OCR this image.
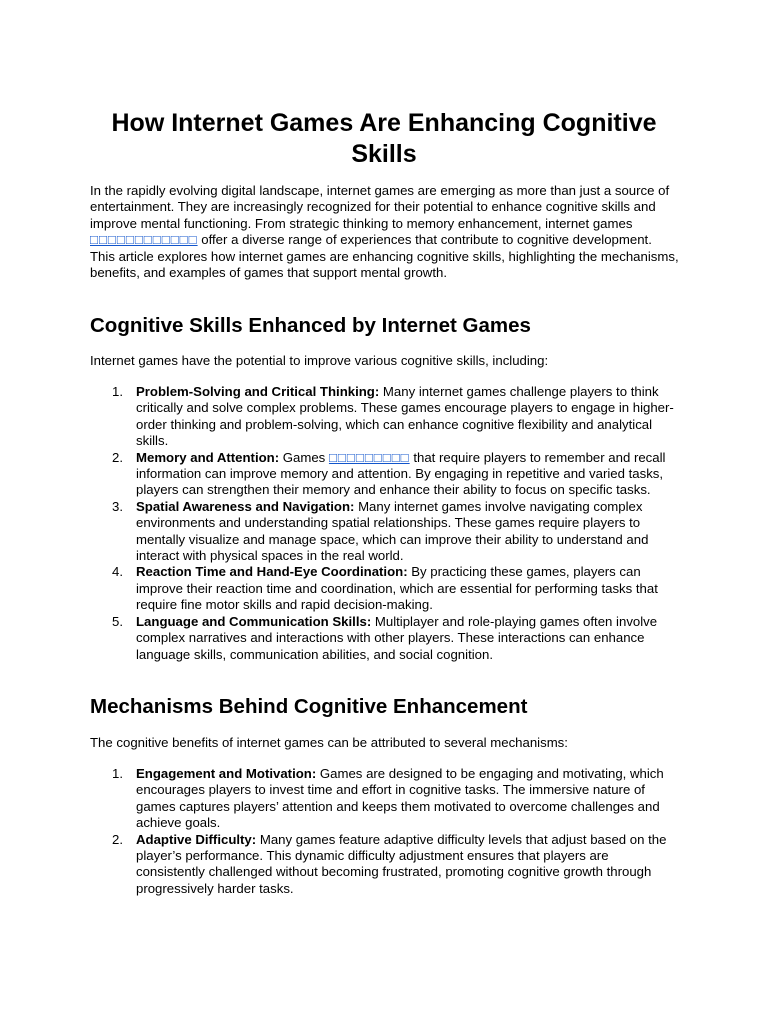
How Internet Games Are Enhancing Cognitive Skills

In the rapidly evolving digital landscape, internet games are emerging as more than just a source of entertainment. They are increasingly recognized for their potential to enhance cognitive skills and improve mental functioning. From strategic thinking to memory enhancement, internet games □□□□□□□□□□□□ offer a diverse range of experiences that contribute to cognitive development. This article explores how internet games are enhancing cognitive skills, highlighting the mechanisms, benefits, and examples of games that support mental growth.

Cognitive Skills Enhanced by Internet Games

Internet games have the potential to improve various cognitive skills, including:

1. Problem-Solving and Critical Thinking: Many internet games challenge players to think critically and solve complex problems. These games encourage players to engage in higher-order thinking and problem-solving, which can enhance cognitive flexibility and analytical skills.
2. Memory and Attention: Games □□□□□□□□□ that require players to remember and recall information can improve memory and attention. By engaging in repetitive and varied tasks, players can strengthen their memory and enhance their ability to focus on specific tasks.
3. Spatial Awareness and Navigation: Many internet games involve navigating complex environments and understanding spatial relationships. These games require players to mentally visualize and manage space, which can improve their ability to understand and interact with physical spaces in the real world.
4. Reaction Time and Hand-Eye Coordination: By practicing these games, players can improve their reaction time and coordination, which are essential for performing tasks that require fine motor skills and rapid decision-making.
5. Language and Communication Skills: Multiplayer and role-playing games often involve complex narratives and interactions with other players. These interactions can enhance language skills, communication abilities, and social cognition.
Mechanisms Behind Cognitive Enhancement

The cognitive benefits of internet games can be attributed to several mechanisms:

1. Engagement and Motivation: Games are designed to be engaging and motivating, which encourages players to invest time and effort in cognitive tasks. The immersive nature of games captures players’ attention and keeps them motivated to overcome challenges and achieve goals.
2. Adaptive Difficulty: Many games feature adaptive difficulty levels that adjust based on the player’s performance. This dynamic difficulty adjustment ensures that players are consistently challenged without becoming frustrated, promoting cognitive growth through progressively harder tasks.
